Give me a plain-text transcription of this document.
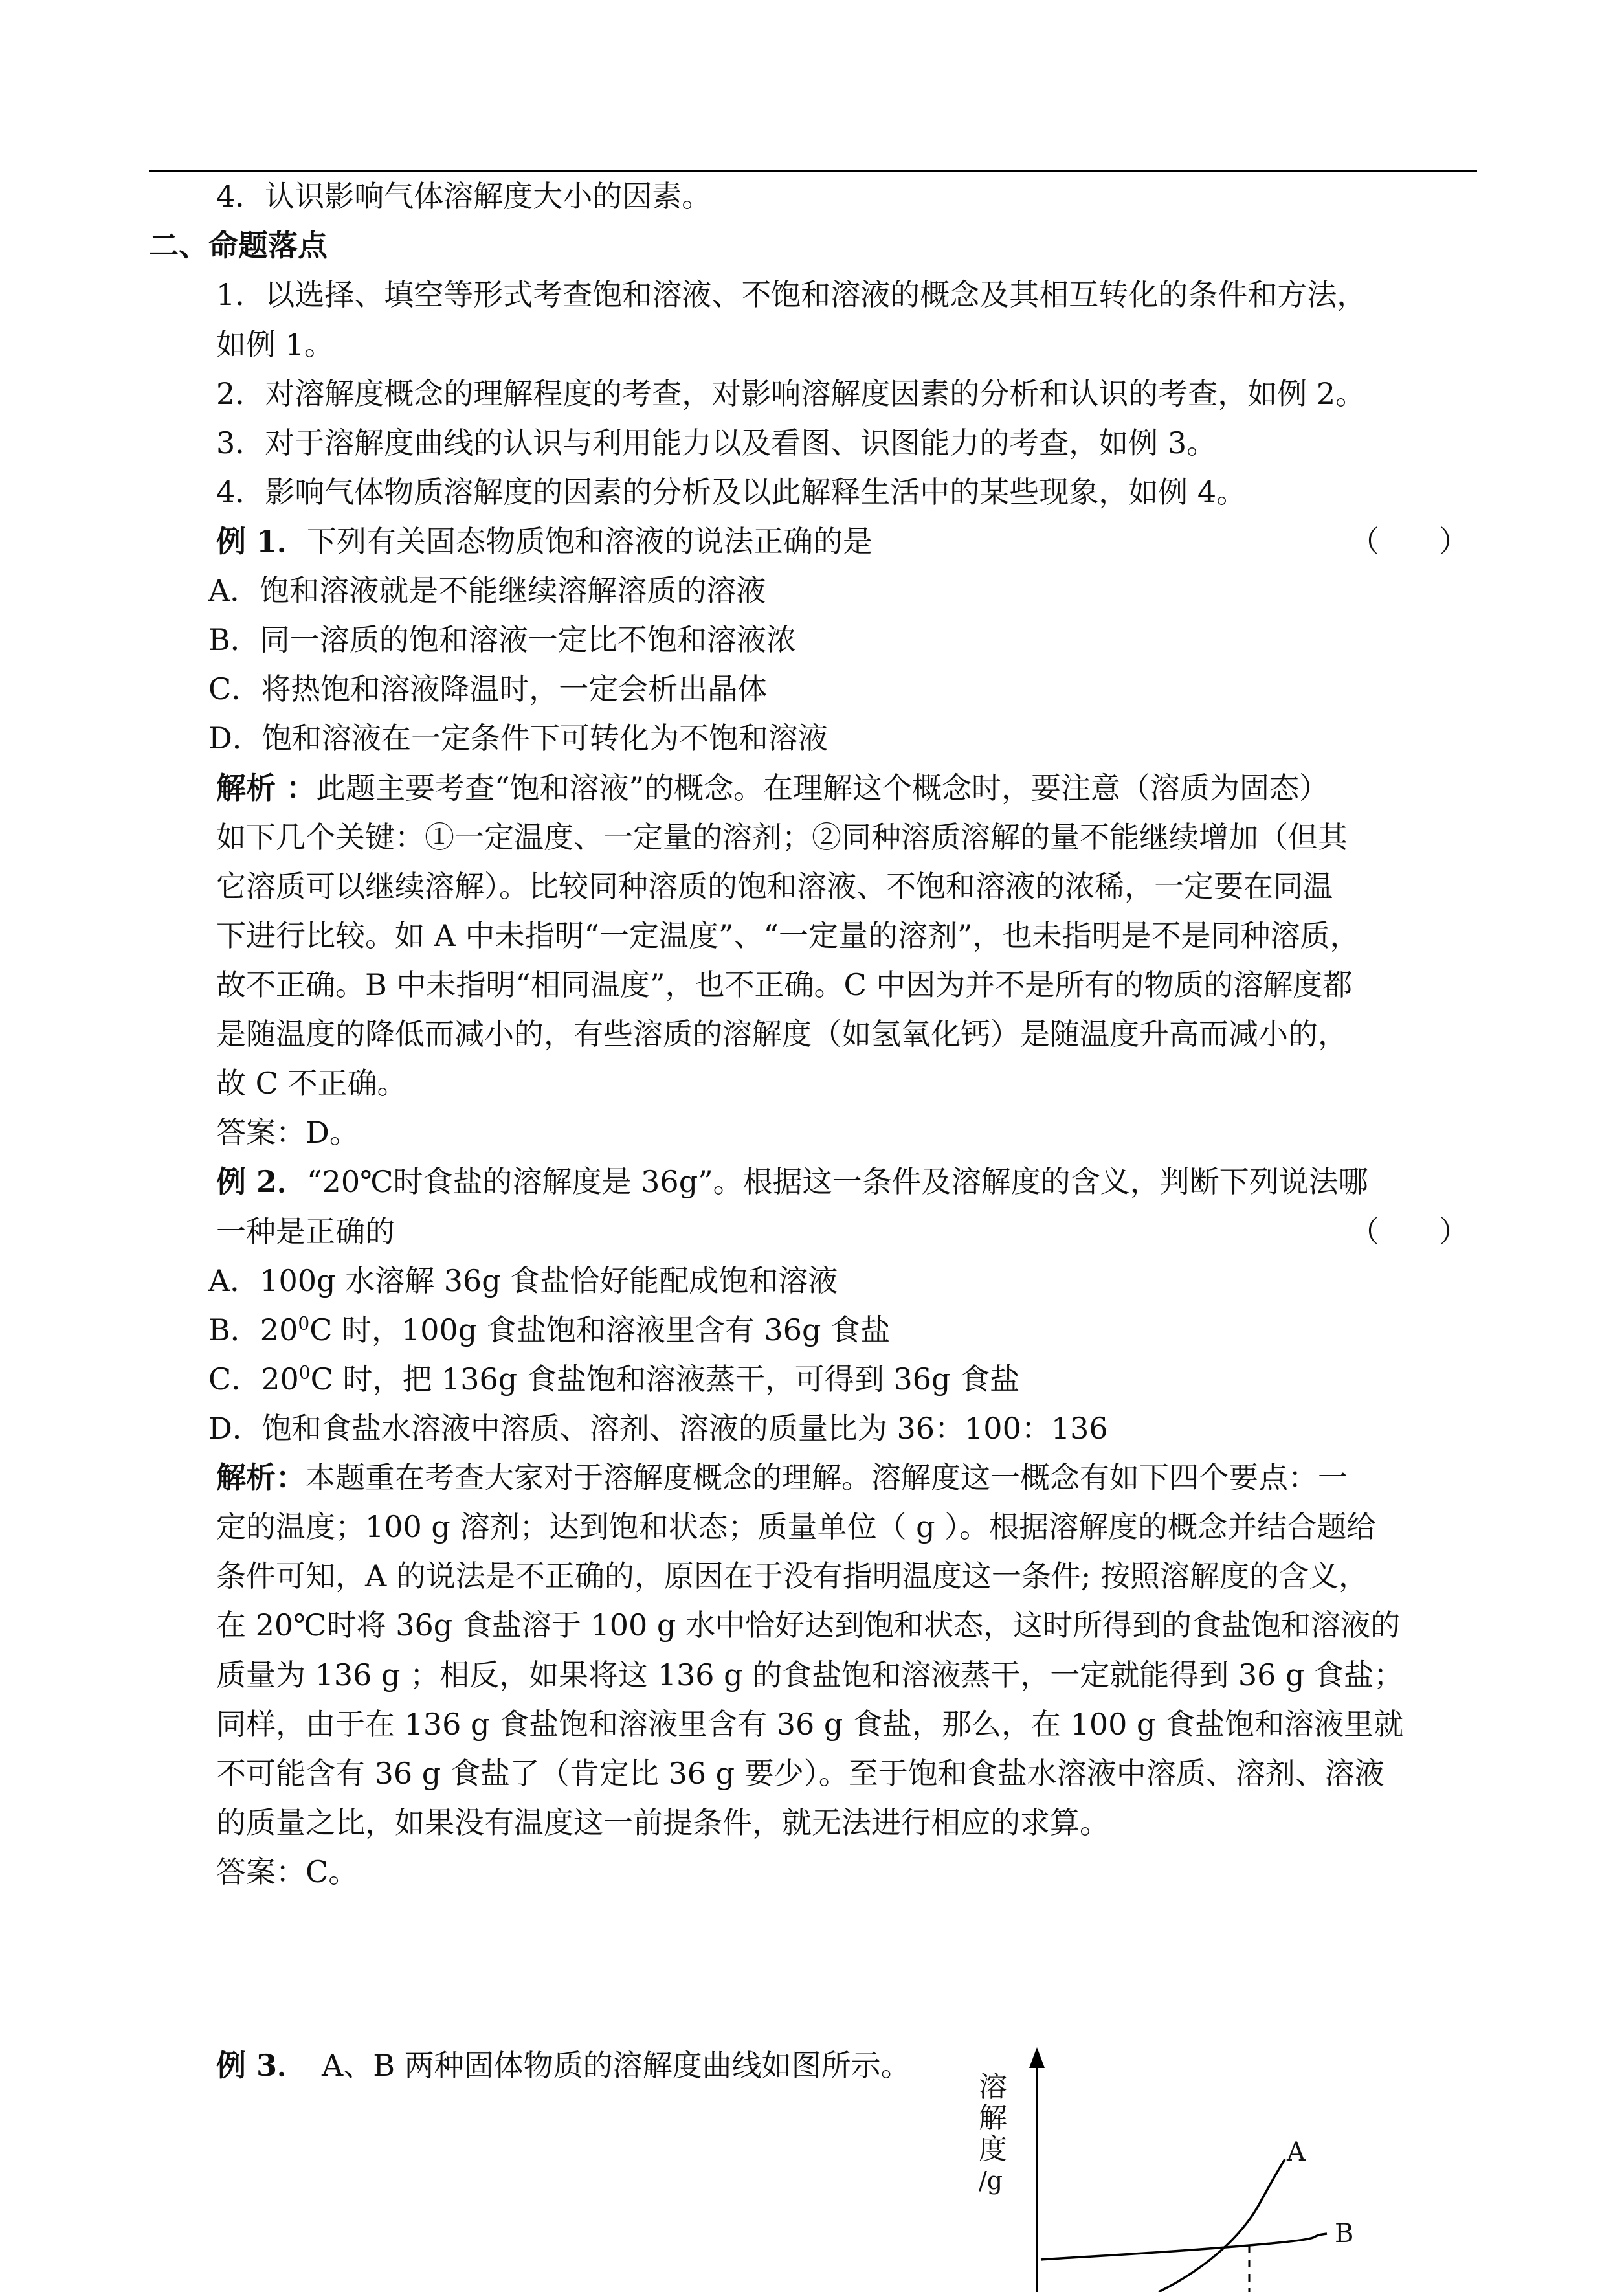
4．认识影响气体溶解度大小的因素。
二、命题落点
1．以选择、填空等形式考查饱和溶液、不饱和溶液的概念及其相互转化的条件和方法，
如例 1。
2．对溶解度概念的理解程度的考查，对影响溶解度因素的分析和认识的考查，如例 2。
3．对于溶解度曲线的认识与利用能力以及看图、识图能力的考查，如例 3。
4．影响气体物质溶解度的因素的分析及以此解释生活中的某些现象，如例 4。
例 1．下列有关固态物质饱和溶液的说法正确的是	（　　）
A．饱和溶液就是不能继续溶解溶质的溶液
B．同一溶质的饱和溶液一定比不饱和溶液浓
C．将热饱和溶液降温时，一定会析出晶体
D．饱和溶液在一定条件下可转化为不饱和溶液
解析 ：此题主要考查“饱和溶液”的概念。在理解这个概念时，要注意（溶质为固态）
如下几个关键：①一定温度、一定量的溶剂；②同种溶质溶解的量不能继续增加（但其
它溶质可以继续溶解）。比较同种溶质的饱和溶液、不饱和溶液的浓稀，一定要在同温
下进行比较。如 A 中未指明“一定温度”、“一定量的溶剂”，也未指明是不是同种溶质，
故不正确。B 中未指明“相同温度”，也不正确。C 中因为并不是所有的物质的溶解度都
是随温度的降低而减小的，有些溶质的溶解度（如氢氧化钙）是随温度升高而减小的，
故 C 不正确。
答案：D。
例 2．“20℃时食盐的溶解度是 36g”。根据这一条件及溶解度的含义，判断下列说法哪
一种是正确的	（　　）
A．100g 水溶解 36g 食盐恰好能配成饱和溶液
B．$20^0C$ 时，100g 食盐饱和溶液里含有 36g 食盐
C．$20^0C$ 时，把 136g 食盐饱和溶液蒸干，可得到 36g 食盐
D．饱和食盐水溶液中溶质、溶剂、溶液的质量比为 36：100：136
解析：本题重在考查大家对于溶解度概念的理解。溶解度这一概念有如下四个要点：一
定的温度；100 g 溶剂；达到饱和状态；质量单位（ g ）。根据溶解度的概念并结合题给
条件可知，A 的说法是不正确的，原因在于没有指明温度这一条件; 按照溶解度的含义，
在 20℃时将 36g 食盐溶于 100 g 水中恰好达到饱和状态，这时所得到的食盐饱和溶液的
质量为 136 g ；相反，如果将这 136 g 的食盐饱和溶液蒸干，一定就能得到 36 g 食盐；
同样，由于在 136 g 食盐饱和溶液里含有 36 g 食盐，那么，在 100 g 食盐饱和溶液里就
不可能含有 36 g 食盐了（肯定比 36 g 要少）。至于饱和食盐水溶液中溶质、溶剂、溶液
的质量之比，如果没有温度这一前提条件，就无法进行相应的求算。
答案：C。
例 3．　A、B 两种固体物质的溶解度曲线如图所示。
溶
解
度
/g
A
B
